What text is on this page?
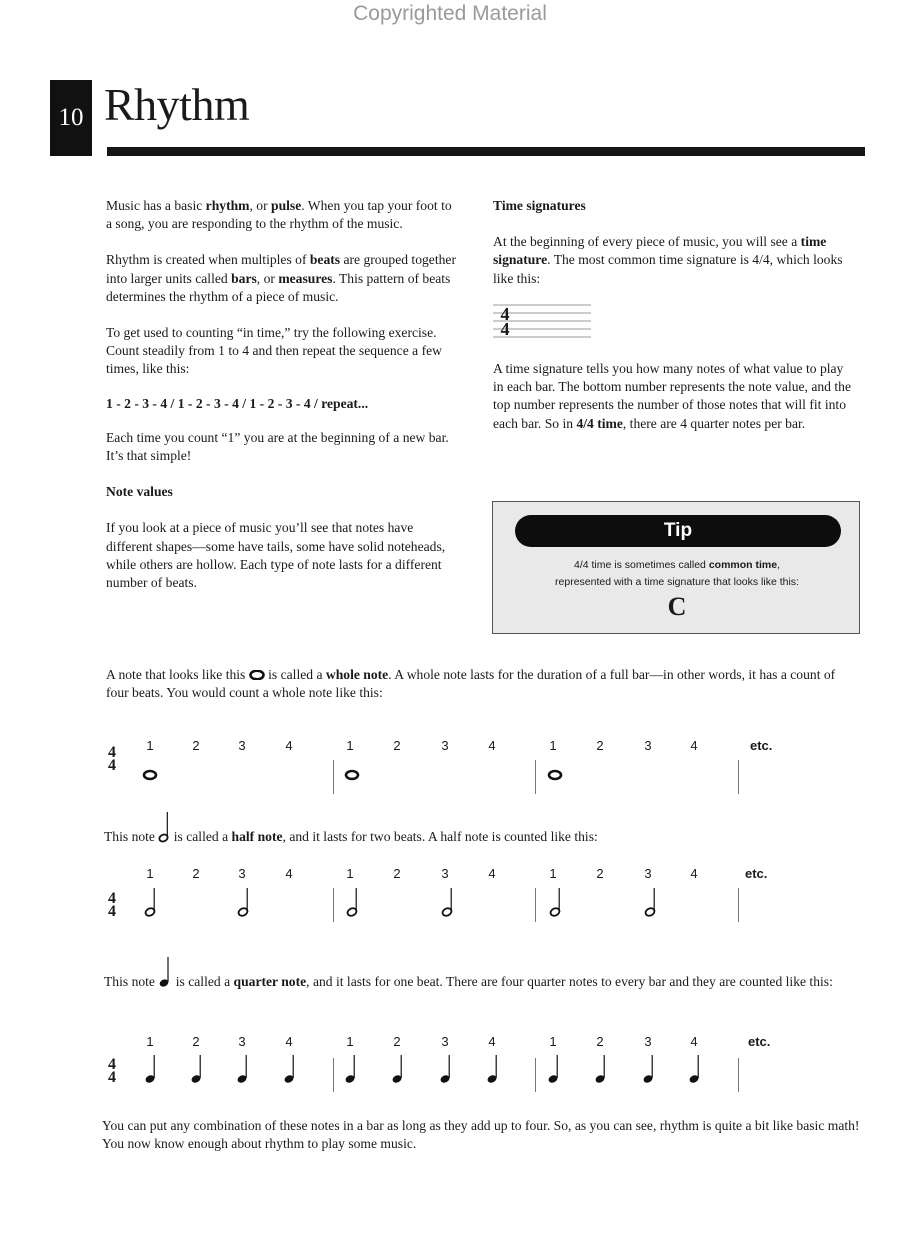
Copyrighted Material
10 Rhythm

Music has a basic rhythm, or pulse. When you tap your foot to a song, you are responding to the rhythm of the music.

Rhythm is created when multiples of beats are grouped together into larger units called bars, or measures. This pattern of beats determines the rhythm of a piece of music.

To get used to counting “in time,” try the following exercise. Count steadily from 1 to 4 and then repeat the sequence a few times, like this:

1 - 2 - 3 - 4 / 1 - 2 - 3 - 4 / 1 - 2 - 3 - 4 / repeat...

Each time you count “1” you are at the beginning of a new bar. It’s that simple!

Note values

If you look at a piece of music you’ll see that notes have different shapes—some have tails, some have solid noteheads, while others are hollow. Each type of note lasts for a different number of beats.

Time signatures

At the beginning of every piece of music, you will see a time signature. The most common time signature is 4/4, which looks like this:

4
4

A time signature tells you how many notes of what value to play in each bar. The bottom number represents the note value, and the top number represents the number of those notes that will fit into each bar. So in 4/4 time, there are 4 quarter notes per bar.

Tip
4/4 time is sometimes called common time,
represented with a time signature that looks like this:
C
A note that looks like this  is called a whole note. A whole note lasts for the duration of a full bar—in other words, it has a count of four beats. You would count a whole note like this:
This note  is called a half note, and it lasts for two beats. A half note is counted like this:
This note  is called a quarter note, and it lasts for one beat. There are four quarter notes to every bar and they are counted like this:
You can put any combination of these notes in a bar as long as they add up to four. So, as you can see, rhythm is quite a bit like basic math! You now know enough about rhythm to play some music.
4
4
1	2	3	4	1	2	3	4	1	2	3	4	etc.
4
4
1	2	3	4	1	2	3	4	1	2	3	4	etc.
4
4
1	2	3	4	1	2	3	4	1	2	3	4	etc.
